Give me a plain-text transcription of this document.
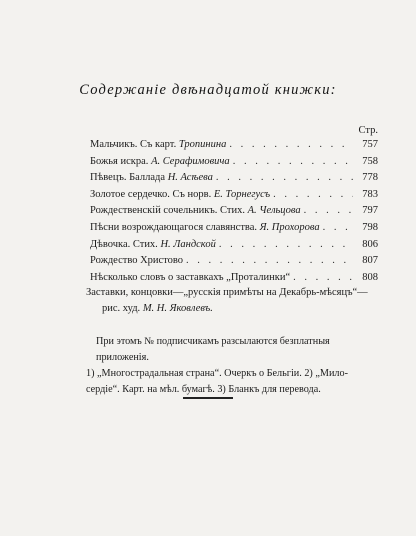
Содержаніе двѣнадцатой книжки:
Стр.
Мальчикъ. Съ карт. Тропинина . . .	757
Божья искра. А. Серафимовича . . .	758
Пѣвецъ. Баллада Н. Асѣева . . .	778
Золотое сердечко. Съ норв. Е. Торнегусъ . . .	783
Рождественскій сочельникъ. Стих. А. Чельцова . . .	797
Пѣсни возрождающагося славянства. Я. Прохорова . . .	798
Дѣвочка. Стих. Н. Ландской . . .	806
Рождество Христово . . .	807
Нѣсколько словъ о заставкахъ „Проталинки“ . . .	808
Заставки, концовки—„русскія примѣты на Декабрь-мѣсяцъ“—
рис. худ. М. Н. Яковлевъ.
При этомъ № подписчикамъ разсылаются безплатныя приложенія.
1) „Многострадальная страна“. Очеркъ о Бельгіи. 2) „Мило-
сердіе“. Карт. на мѣл. бумагѣ. 3) Бланкъ для перевода.
